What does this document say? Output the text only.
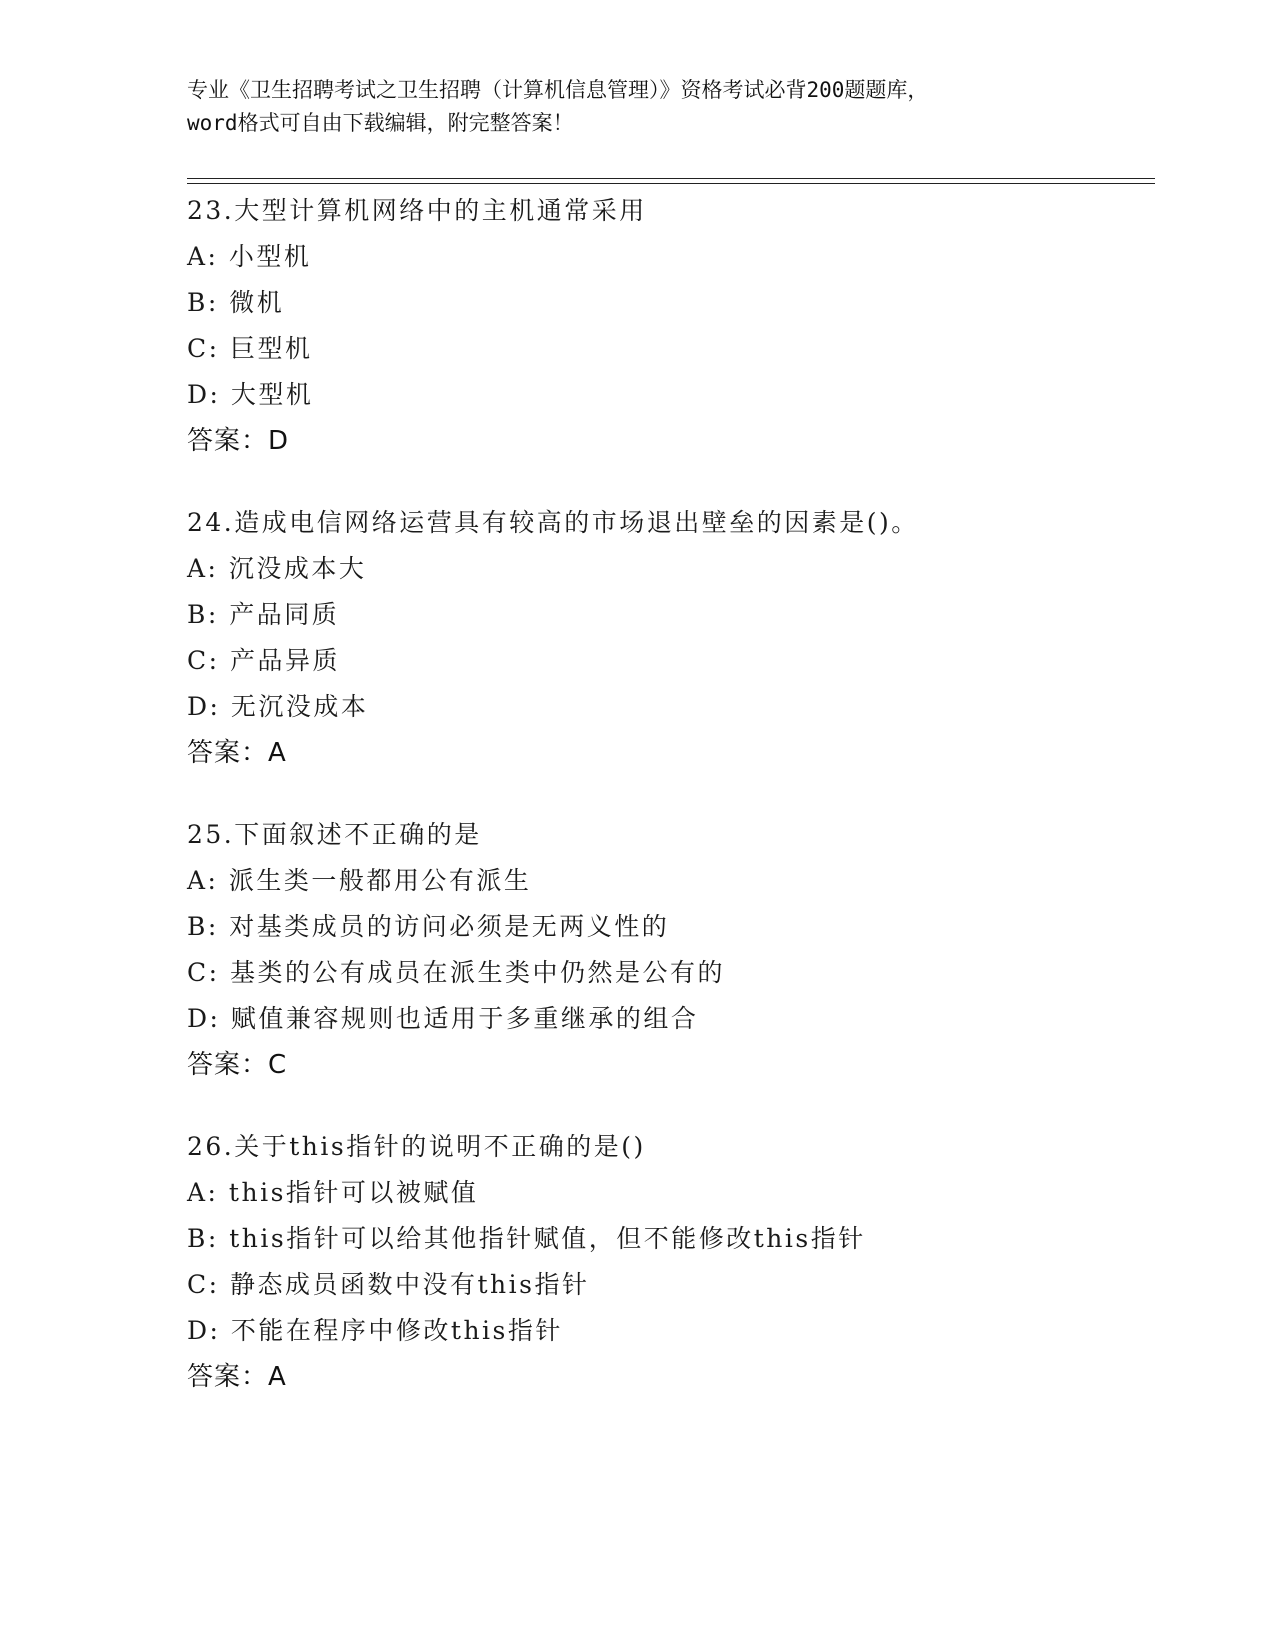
专业《卫生招聘考试之卫生招聘（计算机信息管理）》资格考试必背200题题库，
word格式可自由下载编辑，附完整答案！
23.大型计算机网络中的主机通常采用
A: 小型机
B: 微机
C: 巨型机
D: 大型机
答案：D
24.造成电信网络运营具有较高的市场退出壁垒的因素是()。
A: 沉没成本大
B: 产品同质
C: 产品异质
D: 无沉没成本
答案：A
25.下面叙述不正确的是
A: 派生类一般都用公有派生
B: 对基类成员的访问必须是无两义性的
C: 基类的公有成员在派生类中仍然是公有的
D: 赋值兼容规则也适用于多重继承的组合
答案：C
26.关于this指针的说明不正确的是()
A: this指针可以被赋值
B: this指针可以给其他指针赋值，但不能修改this指针
C: 静态成员函数中没有this指针
D: 不能在程序中修改this指针
答案：A
